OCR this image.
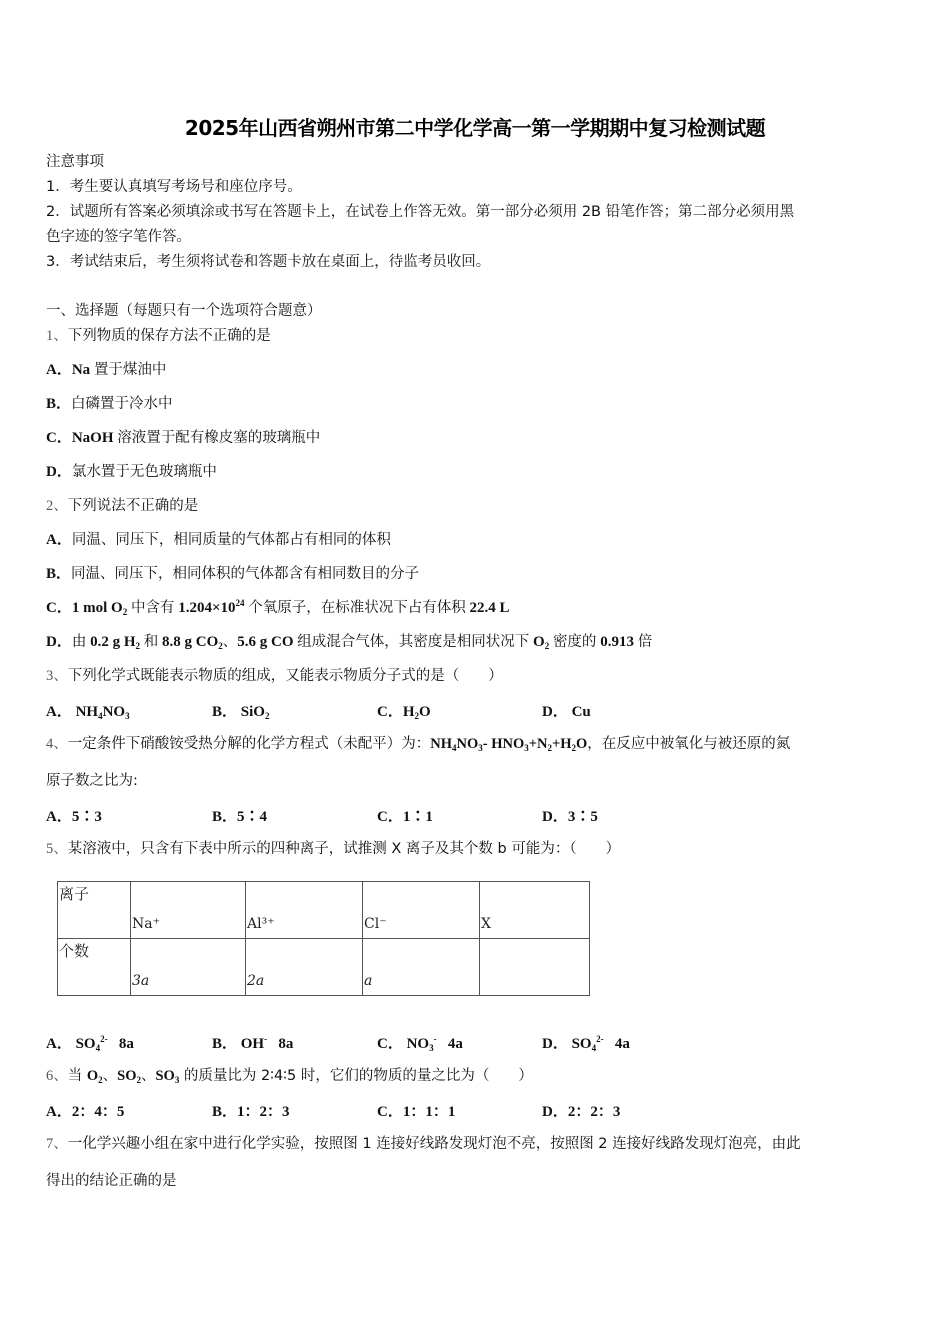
2025年山西省朔州市第二中学化学高一第一学期期中复习检测试题
注意事项
1．考生要认真填写考场号和座位序号。
2．试题所有答案必须填涂或书写在答题卡上，在试卷上作答无效。第一部分必须用 2B 铅笔作答；第二部分必须用黑
色字迹的签字笔作答。
3．考试结束后，考生须将试卷和答题卡放在桌面上，待监考员收回。
一、选择题（每题只有一个选项符合题意）
1、下列物质的保存方法不正确的是
A．Na 置于煤油中
B．白磷置于冷水中
C．NaOH 溶液置于配有橡皮塞的玻璃瓶中
D．氯水置于无色玻璃瓶中
2、下列说法不正确的是
A．同温、同压下，相同质量的气体都占有相同的体积
B．同温、同压下，相同体积的气体都含有相同数目的分子
C．1 mol $O_2$ 中含有 $1.204\times 10^{24}$ 个氧原子，在标准状况下占有体积 22.4 L
D．由 0.2 g $H_2$ 和 8.8 g $CO_2$、5.6 g CO 组成混合气体，其密度是相同状况下 $O_2$ 密度的 0.913 倍
3、下列化学式既能表示物质的组成，又能表示物质分子式的是（　　）
A． $NH_4NO_3$	B． SiO$_2$	C．$H_2O$	D． Cu
4、一定条件下硝酸铵受热分解的化学方程式（未配平）为：$NH_4NO_3-$ $HNO_3+N_2+H_2O$，在反应中被氧化与被还原的氮
原子数之比为:
A．5∶3	B．5∶4	C．1∶1	D．3∶5
5、某溶液中，只含有下表中所示的四种离子，试推测 X 离子及其个数 b 可能为：（　　）
离子	Na⁺	Al³⁺	Cl⁻	X

个数	3a	2a	a	

A． $SO_4^{2-}$   8a	B． OH-   8a	C． $NO_3^-$   4a	D． $SO_4^{2-}$   4a
6、当 $O_2$、$SO_2$、$SO_3$ 的质量比为 2∶4∶5 时，它们的物质的量之比为（　　）
A．2：4：5	B．1：2：3	C．1：1：1	D．2：2：3
7、一化学兴趣小组在家中进行化学实验，按照图 1 连接好线路发现灯泡不亮，按照图 2 连接好线路发现灯泡亮，由此
得出的结论正确的是
